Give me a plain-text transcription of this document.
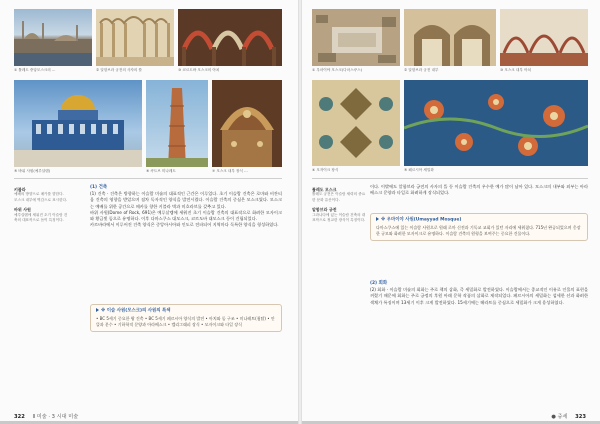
① 톨레도 중앙모스크의 …	② 알함브라 궁전의 사자의 뜰	③ 코르도바 모스크의 아치
⑤ 바위 사원(예루살렘)	⑥ 쿠트브 미나레트	⑦ 모스크 내부 장식 …
키블라
예배의 방향으로 메카를 향한다. 모스크 내부에 벽감으로 표시한다.
바위 사원
예루살렘에 세워진 초기 이슬람 건축의 대표작으로 돔이 특징이다.
(1) 건축

(1) 건축 · 건축은 방향하는 이슬람 미술의 대표적인 근간은 이루었다. 초기 이슬람 건축은 로마와 비잔티움 건축의 영향을 받았으며 점차 독자적인 양식을 발전시켰다. 이슬람 건축의 중심은 모스크였다. 모스크는 예배를 위한 공간으로 메카를 향한 키블라 벽과 미흐라브를 갖추고 있다.

바위 사원(Dome of Rock, 691)은 예루살렘에 세워진 초기 이슬람 건축의 대표작으로 화려한 모자이크와 황금빛 돔으로 유명하다. 이후 다마스쿠스 대모스크, 코르도바 대모스크 등이 건립되었다.

카르바라에서 이루어진 건축 양식은 중앙아시아와 인도로 전파되어 지역마다 독특한 양식을 형성하였다.

※ 이슬 사원(모스크)의 사원의 특색
• BC 5세기 중요한 왕 건축 • BC 5세기 페르시아 양식의 발전 • 아치와 돔 구조 • 미나레트(첨탑) • 안뜰과 분수 • 기하학적 문양과 아라베스크 • 캘리그래피 장식 • 모자이크와 타일 장식
322 Ⅱ 미술 · 3 시대 미술
① 우마이야 모스크(다마스쿠스)	② 알함브라 궁전 내부	③ 모스크 내부 아치
④ 모자이크 장식	⑤ 페르시아 세밀화
톨레도 모스크
톨레도 궁전은 이슬람 세력의 중요한 문화 유산이다.
알함브라 궁전
그라나다에 있는 이슬람 건축의 대표작으로 정교한 장식이 특징이다.

이다. 이밖에도 알함브라 궁전의 사자의 뜰 등 이슬람 건축의 우수한 예가 많이 남아 있다. 모스크의 내부와 외부는 아라베스크 문양과 타일로 화려하게 장식되었다.

※ 우마이야 사원(Umayyad Mosque)
다마스쿠스에 있는 이슬람 사원으로 원래 로마 신전과 기독교 교회가 있던 자리에 세워졌다. 715년 완공되었으며 웅장한 규모와 화려한 모자이크로 유명하다. 이슬람 건축의 원형을 보여주는 중요한 건물이다.
(2) 회화

(2) 회화 · 이슬람 미술의 회화는 주로 책의 삽화, 즉 세밀화로 발전하였다. 이슬람에서는 종교적인 이유로 인물의 표현을 꺼렸기 때문에 회화는 주로 궁정의 후원 아래 문학 작품의 삽화로 제작되었다. 페르시아의 세밀화는 섬세한 선과 화려한 색채가 특징이며 13세기 이후 크게 발전하였다. 15세기에는 헤라트를 중심으로 세밀화가 크게 융성하였다.

● 중세 323
